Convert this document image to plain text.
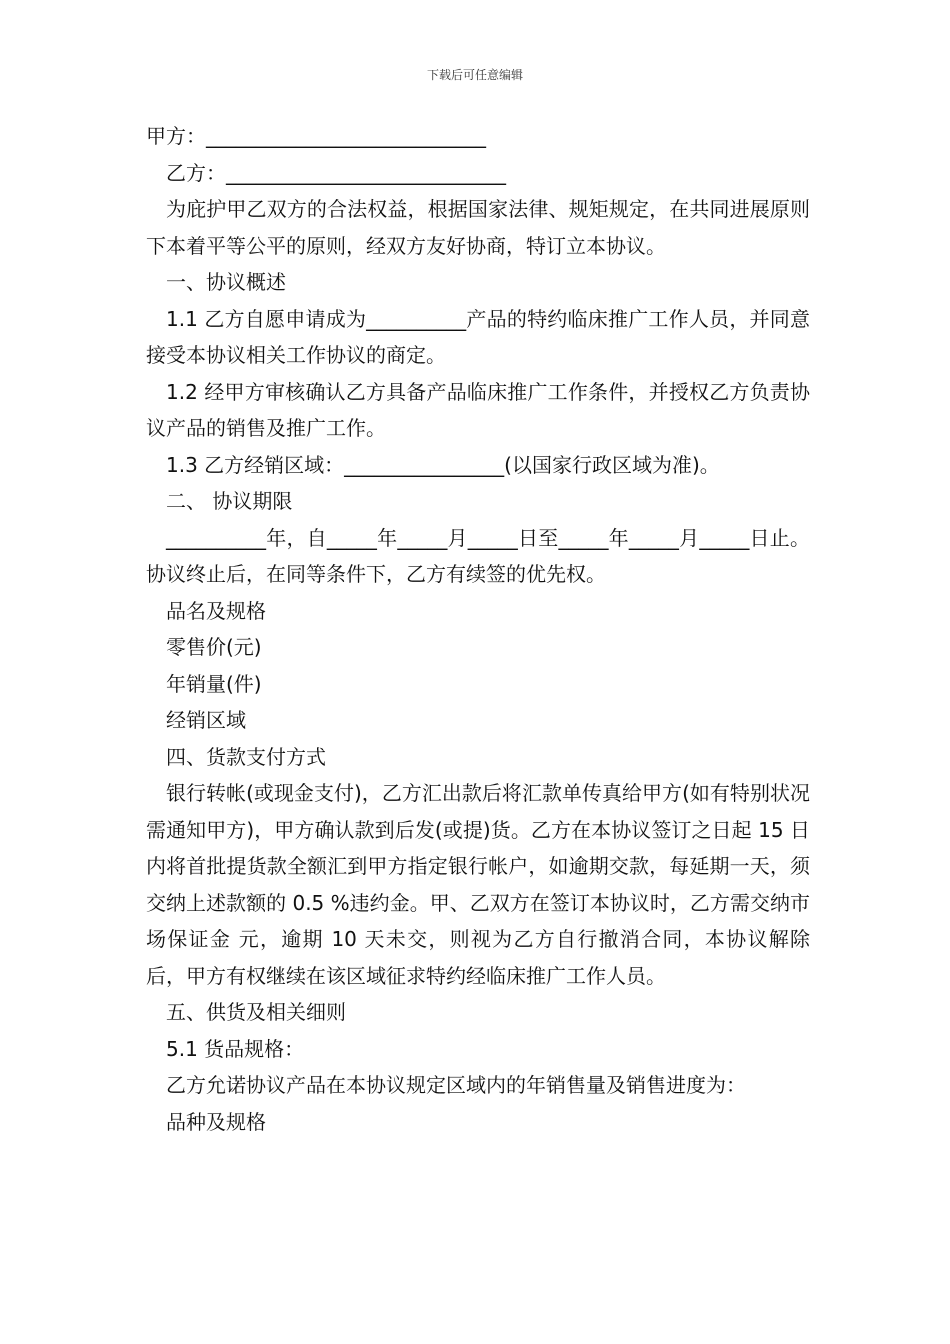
下载后可任意编辑
甲方：____________________________
乙方：____________________________
为庇护甲乙双方的合法权益，根据国家法律、规矩规定，在共同进展原则下本着平等公平的原则，经双方友好协商，特订立本协议。
一、协议概述
1.1 乙方自愿申请成为__________产品的特约临床推广工作人员，并同意接受本协议相关工作协议的商定。
1.2 经甲方审核确认乙方具备产品临床推广工作条件，并授权乙方负责协议产品的销售及推广工作。
1.3 乙方经销区域：________________(以国家行政区域为准)。
二、 协议期限
__________年，自_____年_____月_____日至_____年_____月_____日止。协议终止后，在同等条件下，乙方有续签的优先权。
品名及规格
零售价(元)
年销量(件)
经销区域
四、货款支付方式
银行转帐(或现金支付)，乙方汇出款后将汇款单传真给甲方(如有特别状况需通知甲方)，甲方确认款到后发(或提)货。乙方在本协议签订之日起 15 日内将首批提货款全额汇到甲方指定银行帐户，如逾期交款，每延期一天，须交纳上述款额的 0.5 %违约金。甲、乙双方在签订本协议时，乙方需交纳市场保证金 元，逾期 10 天未交，则视为乙方自行撤消合同，本协议解除后，甲方有权继续在该区域征求特约经临床推广工作人员。
五、供货及相关细则
5.1 货品规格：
乙方允诺协议产品在本协议规定区域内的年销售量及销售进度为：
品种及规格
